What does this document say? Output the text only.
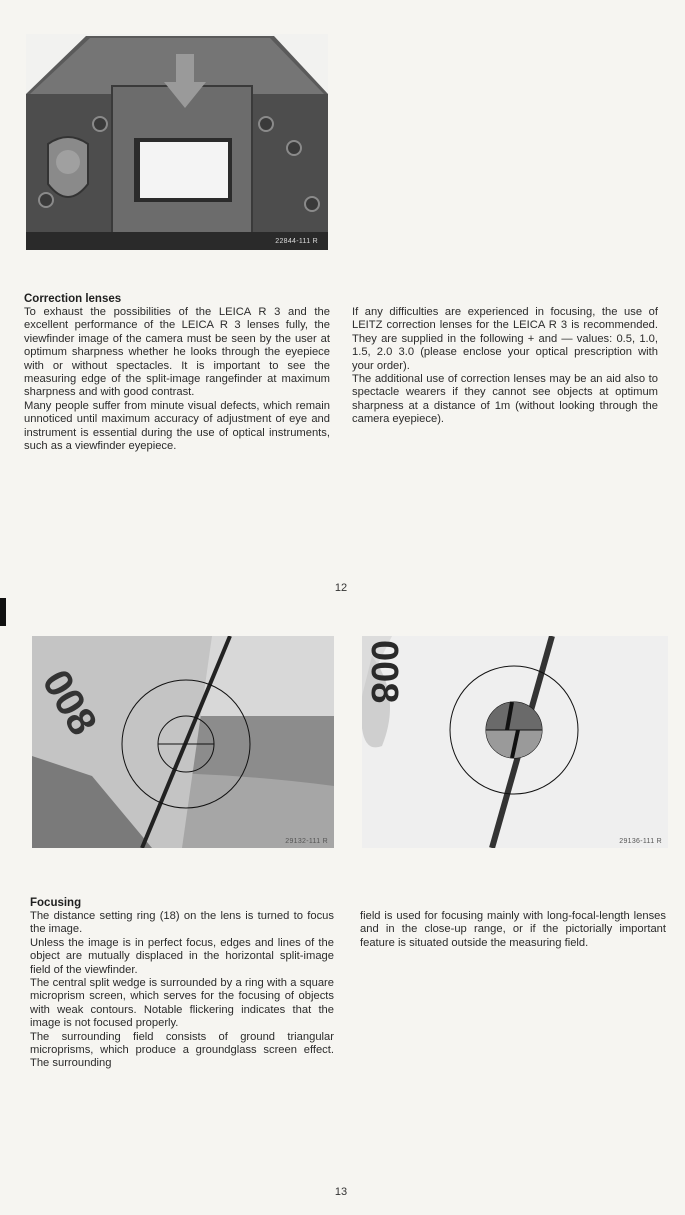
22844-111 R
Correction lenses

To exhaust the possibilities of the LEICA R 3 and the excellent performance of the LEICA R 3 lenses fully, the viewfinder image of the camera must be seen by the user at optimum sharpness whether he looks through the eyepiece with or without spectacles. It is important to see the measuring edge of the split-image rangefinder at maximum sharpness and with good contrast.

Many people suffer from minute visual defects, which remain unnoticed until maximum accuracy of adjustment of eye and instrument is essential during the use of optical instruments, such as a viewfinder eyepiece.

If any difficulties are experienced in focusing, the use of LEITZ correction lenses for the LEICA R 3 is recommended. They are supplied in the following + and — values: 0.5, 1.0, 1.5, 2.0 3.0 (please enclose your optical prescription with your order).

The additional use of correction lenses may be an aid also to spectacle wearers if they cannot see objects at optimum sharpness at a distance of 1m (without looking through the camera eyepiece).

12
008
29132-111 R
008
29136-111 R
Focusing

The distance setting ring (18) on the lens is turned to focus the image.

Unless the image is in perfect focus, edges and lines of the object are mutually displaced in the horizontal split-image field of the viewfinder.

The central split wedge is surrounded by a ring with a square microprism screen, which serves for the focusing of objects with weak contours. Notable flickering indicates that the image is not focused properly.

The surrounding field consists of ground triangular microprisms, which produce a groundglass screen effect. The surrounding

field is used for focusing mainly with long-focal-length lenses and in the close-up range, or if the pictorially important feature is situated outside the measuring field.

13
